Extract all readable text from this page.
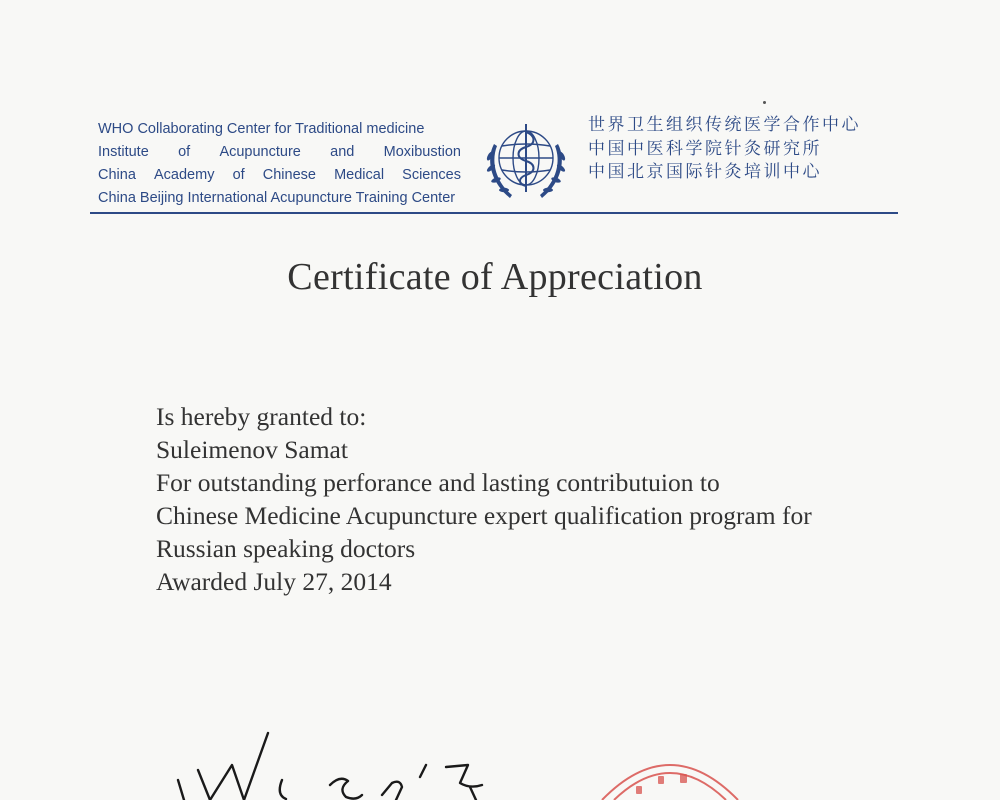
WHO Collaborating Center for Traditional medicine
Institute of Acupuncture and Moxibustion
China Academy of Chinese Medical Sciences
China Beijing International Acupuncture Training Center
世界卫生组织传统医学合作中心
中国中医科学院针灸研究所
中国北京国际针灸培训中心
Certificate of Appreciation
Is hereby granted to:
Suleimenov Samat
For outstanding perforance and lasting contributuion to
Chinese Medicine Acupuncture expert qualification program for
Russian speaking doctors
Awarded July 27, 2014
